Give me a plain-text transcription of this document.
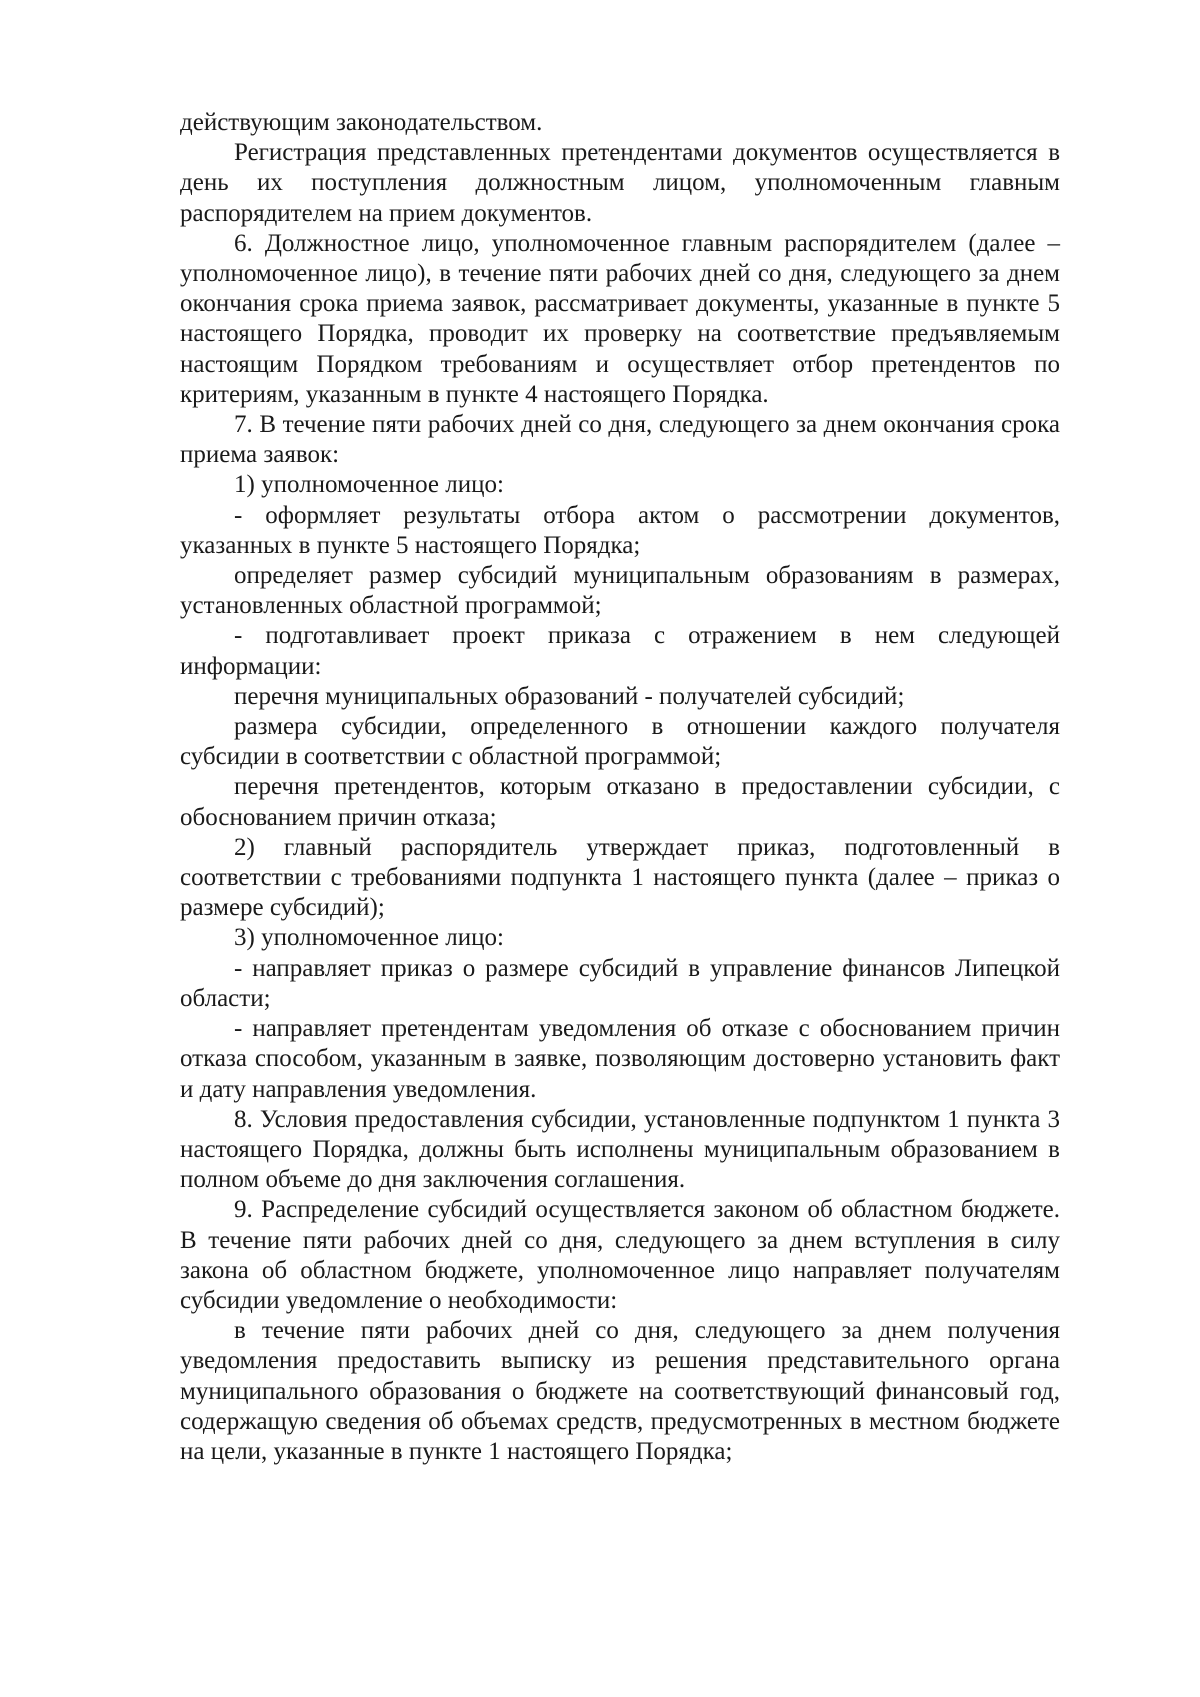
действующим законодательством.

Регистрация представленных претендентами документов осуществляется в день их поступления должностным лицом, уполномоченным главным распорядителем на прием документов.

6. Должностное лицо, уполномоченное главным распорядителем (далее – уполномоченное лицо), в течение пяти рабочих дней со дня, следующего за днем окончания срока приема заявок, рассматривает документы, указанные в пункте 5 настоящего Порядка, проводит их проверку на соответствие предъявляемым настоящим Порядком требованиям и осуществляет отбор претендентов по критериям, указанным в пункте 4 настоящего Порядка.

7. В течение пяти рабочих дней со дня, следующего за днем окончания срока приема заявок:

1) уполномоченное лицо:

- оформляет результаты отбора актом о рассмотрении документов, указанных в пункте 5 настоящего Порядка;

определяет размер субсидий муниципальным образованиям в размерах, установленных областной программой;

- подготавливает проект приказа с отражением в нем следующей информации:

перечня муниципальных образований - получателей субсидий;

размера субсидии, определенного в отношении каждого получателя субсидии в соответствии с областной программой;

перечня претендентов, которым отказано в предоставлении субсидии, с обоснованием причин отказа;

2) главный распорядитель утверждает приказ, подготовленный в соответствии с требованиями подпункта 1 настоящего пункта (далее – приказ о размере субсидий);

3) уполномоченное лицо:

- направляет приказ о размере субсидий в управление финансов Липецкой области;

- направляет претендентам уведомления об отказе с обоснованием причин отказа способом, указанным в заявке, позволяющим достоверно установить факт и дату направления уведомления.

8. Условия предоставления субсидии, установленные подпунктом 1 пункта 3 настоящего Порядка, должны быть исполнены муниципальным образованием в полном объеме до дня заключения соглашения.

9. Распределение субсидий осуществляется законом об областном бюджете. В течение пяти рабочих дней со дня, следующего за днем вступления в силу закона об областном бюджете, уполномоченное лицо направляет получателям субсидии уведомление о необходимости:

в течение пяти рабочих дней со дня, следующего за днем получения уведомления предоставить выписку из решения представительного органа муниципального образования о бюджете на соответствующий финансовый год, содержащую сведения об объемах средств, предусмотренных в местном бюджете на цели, указанные в пункте 1 настоящего Порядка;
